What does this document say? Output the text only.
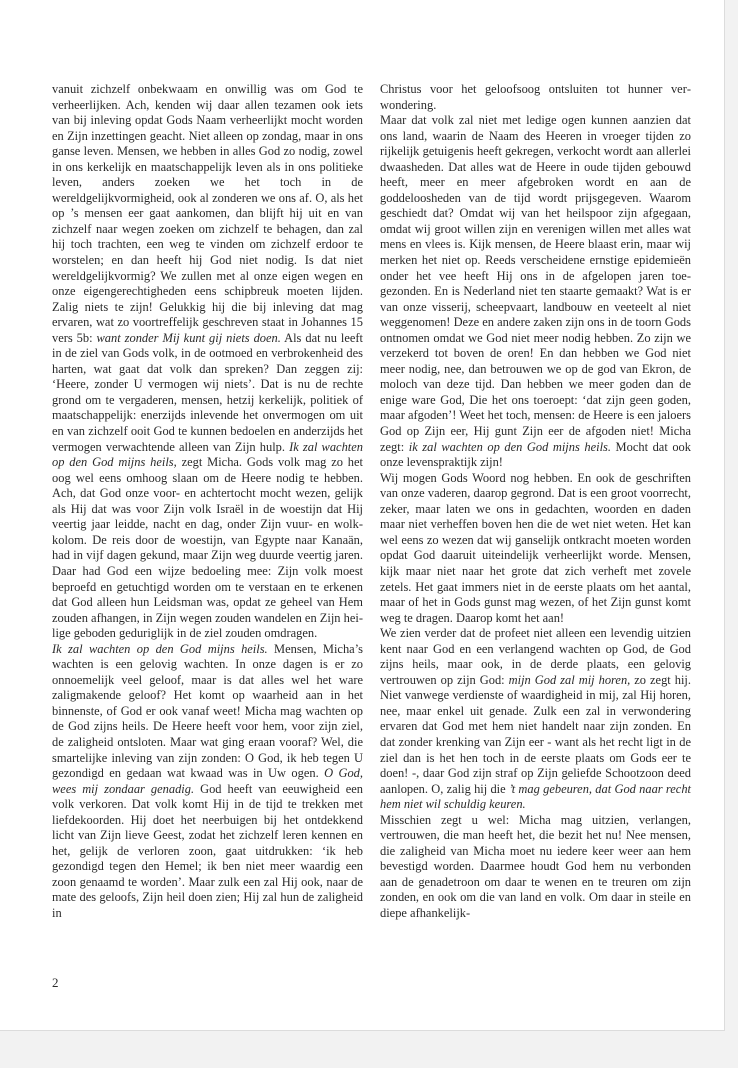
vanuit zichzelf onbekwaam en onwillig was om God te verheerlijken. Ach, kenden wij daar allen tezamen ook iets van bij inleving opdat Gods Naam verheerlijkt mocht worden en Zijn inzettingen geacht. Niet alleen op zondag, maar in ons ganse leven. Mensen, we hebben in alles God zo nodig, zowel in ons kerkelijk en maatschappelijk leven als in ons politieke leven, anders zoeken we het toch in de wereldgelijkvormigheid, ook al zonderen we ons af. O, als het op ’s mensen eer gaat aankomen, dan blijft hij uit en van zichzelf naar wegen zoeken om zichzelf te behagen, dan zal hij toch trachten, een weg te vinden om zichzelf erdoor te worstelen; en dan heeft hij God niet nodig. Is dat niet wereldgelijkvormig? We zullen met al onze eigen wegen en onze eigengerechtigheden eens schipbreuk moeten lijden. Zalig niets te zijn! Gelukkig hij die bij inleving dat mag ervaren, wat zo voortreffelijk geschreven staat in Johannes 15 vers 5b: want zonder Mij kunt gij niets doen. Als dat nu leeft in de ziel van Gods volk, in de ootmoed en verbrokenheid des harten, wat gaat dat volk dan spreken? Dan zeggen zij: ‘Heere, zonder U vermogen wij niets’. Dat is nu de rechte grond om te vergaderen, mensen, hetzij kerkelijk, politiek of maatschappelijk: enerzijds inlevende het onvermogen om uit en van zichzelf ooit God te kunnen bedoelen en anderzijds het vermogen verwachtende alleen van Zijn hulp. Ik zal wachten op den God mijns heils, zegt Micha. Gods volk mag zo het oog wel eens omhoog slaan om de Heere nodig te hebben. Ach, dat God onze voor- en achtertocht mocht wezen, gelijk als Hij dat was voor Zijn volk Israël in de woestijn dat Hij veertig jaar leidde, nacht en dag, onder Zijn vuur- en wolkkolom. De reis door de woestijn, van Egypte naar Kanaän, had in vijf dagen gekund, maar Zijn weg duurde veertig jaren. Daar had God een wijze bedoeling mee: Zijn volk moest beproefd en getuchtigd worden om te verstaan en te erkenen dat God alleen hun Leidsman was, opdat ze geheel van Hem zouden afhangen, in Zijn wegen zouden wandelen en Zijn heilige geboden geduriglijk in de ziel zouden omdragen.

Ik zal wachten op den God mijns heils. Mensen, Micha’s wachten is een gelovig wachten. In onze dagen is er zo onnoemelijk veel geloof, maar is dat alles wel het ware zaligmakende geloof? Het komt op waarheid aan in het binnenste, of God er ook vanaf weet! Micha mag wachten op de God zijns heils. De Heere heeft voor hem, voor zijn ziel, de zaligheid ontsloten. Maar wat ging eraan vooraf? Wel, die smartelijke inleving van zijn zonden: O God, ik heb tegen U gezondigd en gedaan wat kwaad was in Uw ogen. O God, wees mij zondaar genadig. God heeft van eeuwigheid een volk verkoren. Dat volk komt Hij in de tijd te trekken met liefdekoorden. Hij doet het neerbuigen bij het ontdekkend licht van Zijn lieve Geest, zodat het zichzelf leren kennen en het, gelijk de verloren zoon, gaat uitdrukken: ‘ik heb gezondigd tegen den Hemel; ik ben niet meer waardig een zoon genaamd te worden’. Maar zulk een zal Hij ook, naar de mate des geloofs, Zijn heil doen zien; Hij zal hun de zaligheid in

Christus voor het geloofsoog ontsluiten tot hunner verwondering.

Maar dat volk zal niet met ledige ogen kunnen aanzien dat ons land, waarin de Naam des Heeren in vroeger tijden zo rijkelijk getuigenis heeft gekregen, verkocht wordt aan allerlei dwaasheden. Dat alles wat de Heere in oude tijden gebouwd heeft, meer en meer afgebroken wordt en aan de goddeloosheden van de tijd wordt prijsgegeven. Waarom geschiedt dat? Omdat wij van het heilspoor zijn afgegaan, omdat wij groot willen zijn en verenigen willen met alles wat mens en vlees is. Kijk mensen, de Heere blaast erin, maar wij merken het niet op. Reeds verscheidene ernstige epidemieën onder het vee heeft Hij ons in de afgelopen jaren toegezonden. En is Nederland niet ten staarte gemaakt? Wat is er van onze visserij, scheepvaart, landbouw en veeteelt al niet weggenomen! Deze en andere zaken zijn ons in de toorn Gods ontnomen omdat we God niet meer nodig hebben. Zo zijn we verzekerd tot boven de oren! En dan hebben we God niet meer nodig, nee, dan betrouwen we op de god van Ekron, de moloch van deze tijd. Dan hebben we meer goden dan de enige ware God, Die het ons toeroept: ‘dat zijn geen goden, maar afgoden’! Weet het toch, mensen: de Heere is een jaloers God op Zijn eer, Hij gunt Zijn eer de afgoden niet! Micha zegt: ik zal wachten op den God mijns heils. Mocht dat ook onze levenspraktijk zijn!

Wij mogen Gods Woord nog hebben. En ook de geschriften van onze vaderen, daarop gegrond. Dat is een groot voorrecht, zeker, maar laten we ons in gedachten, woorden en daden maar niet verheffen boven hen die de wet niet weten. Het kan wel eens zo wezen dat wij ganselijk ontkracht moeten worden opdat God daaruit uiteindelijk verheerlijkt worde. Mensen, kijk maar niet naar het grote dat zich verheft met zovele zetels. Het gaat immers niet in de eerste plaats om het aantal, maar of het in Gods gunst mag wezen, of het Zijn gunst komt weg te dragen. Daarop komt het aan!

We zien verder dat de profeet niet alleen een levendig uitzien kent naar God en een verlangend wachten op God, de God zijns heils, maar ook, in de derde plaats, een gelovig vertrouwen op zijn God: mijn God zal mij horen, zo zegt hij. Niet vanwege verdienste of waardigheid in mij, zal Hij horen, nee, maar enkel uit genade. Zulk een zal in verwondering ervaren dat God met hem niet handelt naar zijn zonden. En dat zonder krenking van Zijn eer - want als het recht ligt in de ziel dan is het hen toch in de eerste plaats om Gods eer te doen! -, daar God zijn straf op Zijn geliefde Schootzoon deed aanlopen. O, zalig hij die ’t mag gebeuren, dat God naar recht hem niet wil schuldig keuren.

Misschien zegt u wel: Micha mag uitzien, verlangen, vertrouwen, die man heeft het, die bezit het nu! Nee mensen, die zaligheid van Micha moet nu iedere keer weer aan hem bevestigd worden. Daarmee houdt God hem nu verbonden aan de genadetroon om daar te wenen en te treuren om zijn zonden, en ook om die van land en volk. Om daar in steile en diepe afhankelijk-

2
